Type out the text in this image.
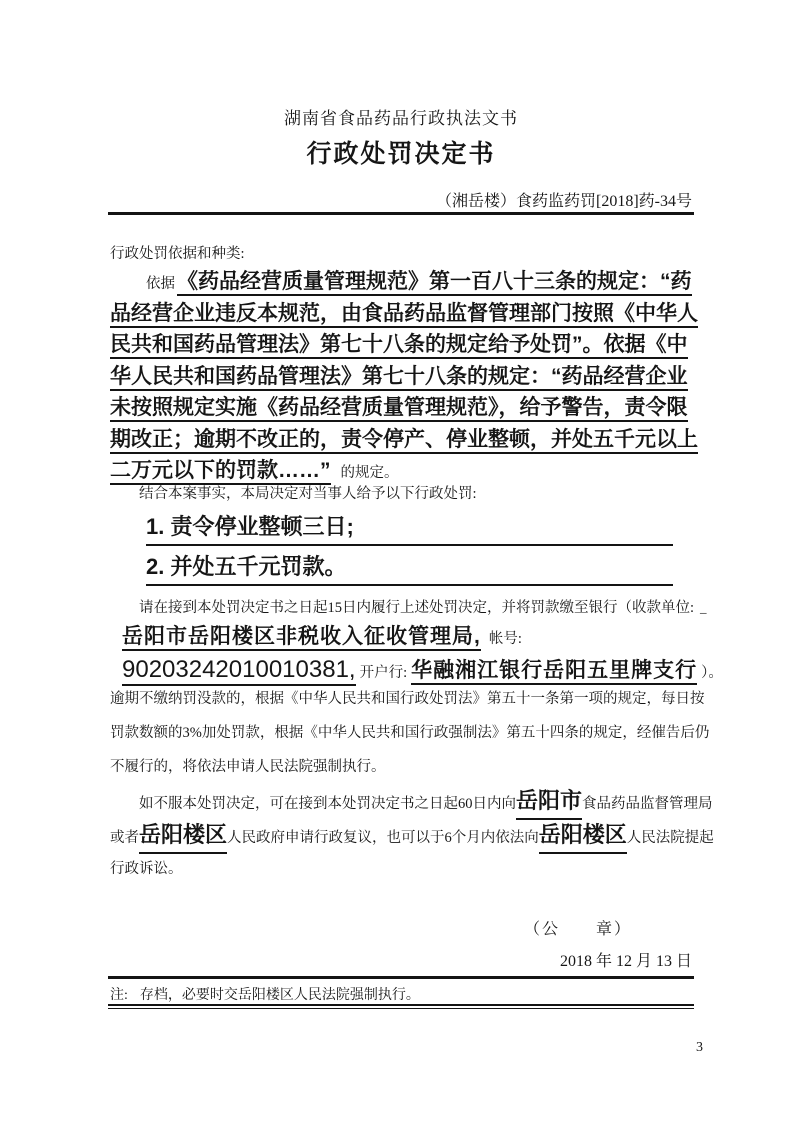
湖南省食品药品行政执法文书
行政处罚决定书
（湘岳楼）食药监药罚[2018]药-34号
行政处罚依据和种类:
依据《药品经营质量管理规范》第一百八十三条的规定：“药
品经营企业违反本规范，由食品药品监督管理部门按照《中华人
民共和国药品管理法》第七十八条的规定给予处罚”。依据《中
华人民共和国药品管理法》第七十八条的规定：“药品经营企业
未按照规定实施《药品经营质量管理规范》，给予警告，责令限
期改正；逾期不改正的，责令停产、停业整顿，并处五千元以上
二万元以下的罚款……” 的规定。
结合本案事实，本局决定对当事人给予以下行政处罚:
1. 责令停业整顿三日;
2. 并处五千元罚款。
请在接到本处罚决定书之日起15日内履行上述处罚决定，并将罚款缴至银行（收款单位: _
岳阳市岳阳楼区非税收入征收管理局, 帐号:
90203242010010381, 开户行: 华融湘江银行岳阳五里牌支行 ）。
逾期不缴纳罚没款的，根据《中华人民共和国行政处罚法》第五十一条第一项的规定，每日按
罚款数额的3%加处罚款，根据《中华人民共和国行政强制法》第五十四条的规定，经催告后仍
不履行的，将依法申请人民法院强制执行。
如不服本处罚决定，可在接到本处罚决定书之日起60日内向岳阳市食品药品监督管理局
或者岳阳楼区人民政府申请行政复议，也可以于6个月内依法向岳阳楼区人民法院提起
行政诉讼。
（公　　章）
2018 年 12 月 13 日
注: 存档，必要时交岳阳楼区人民法院强制执行。
3
